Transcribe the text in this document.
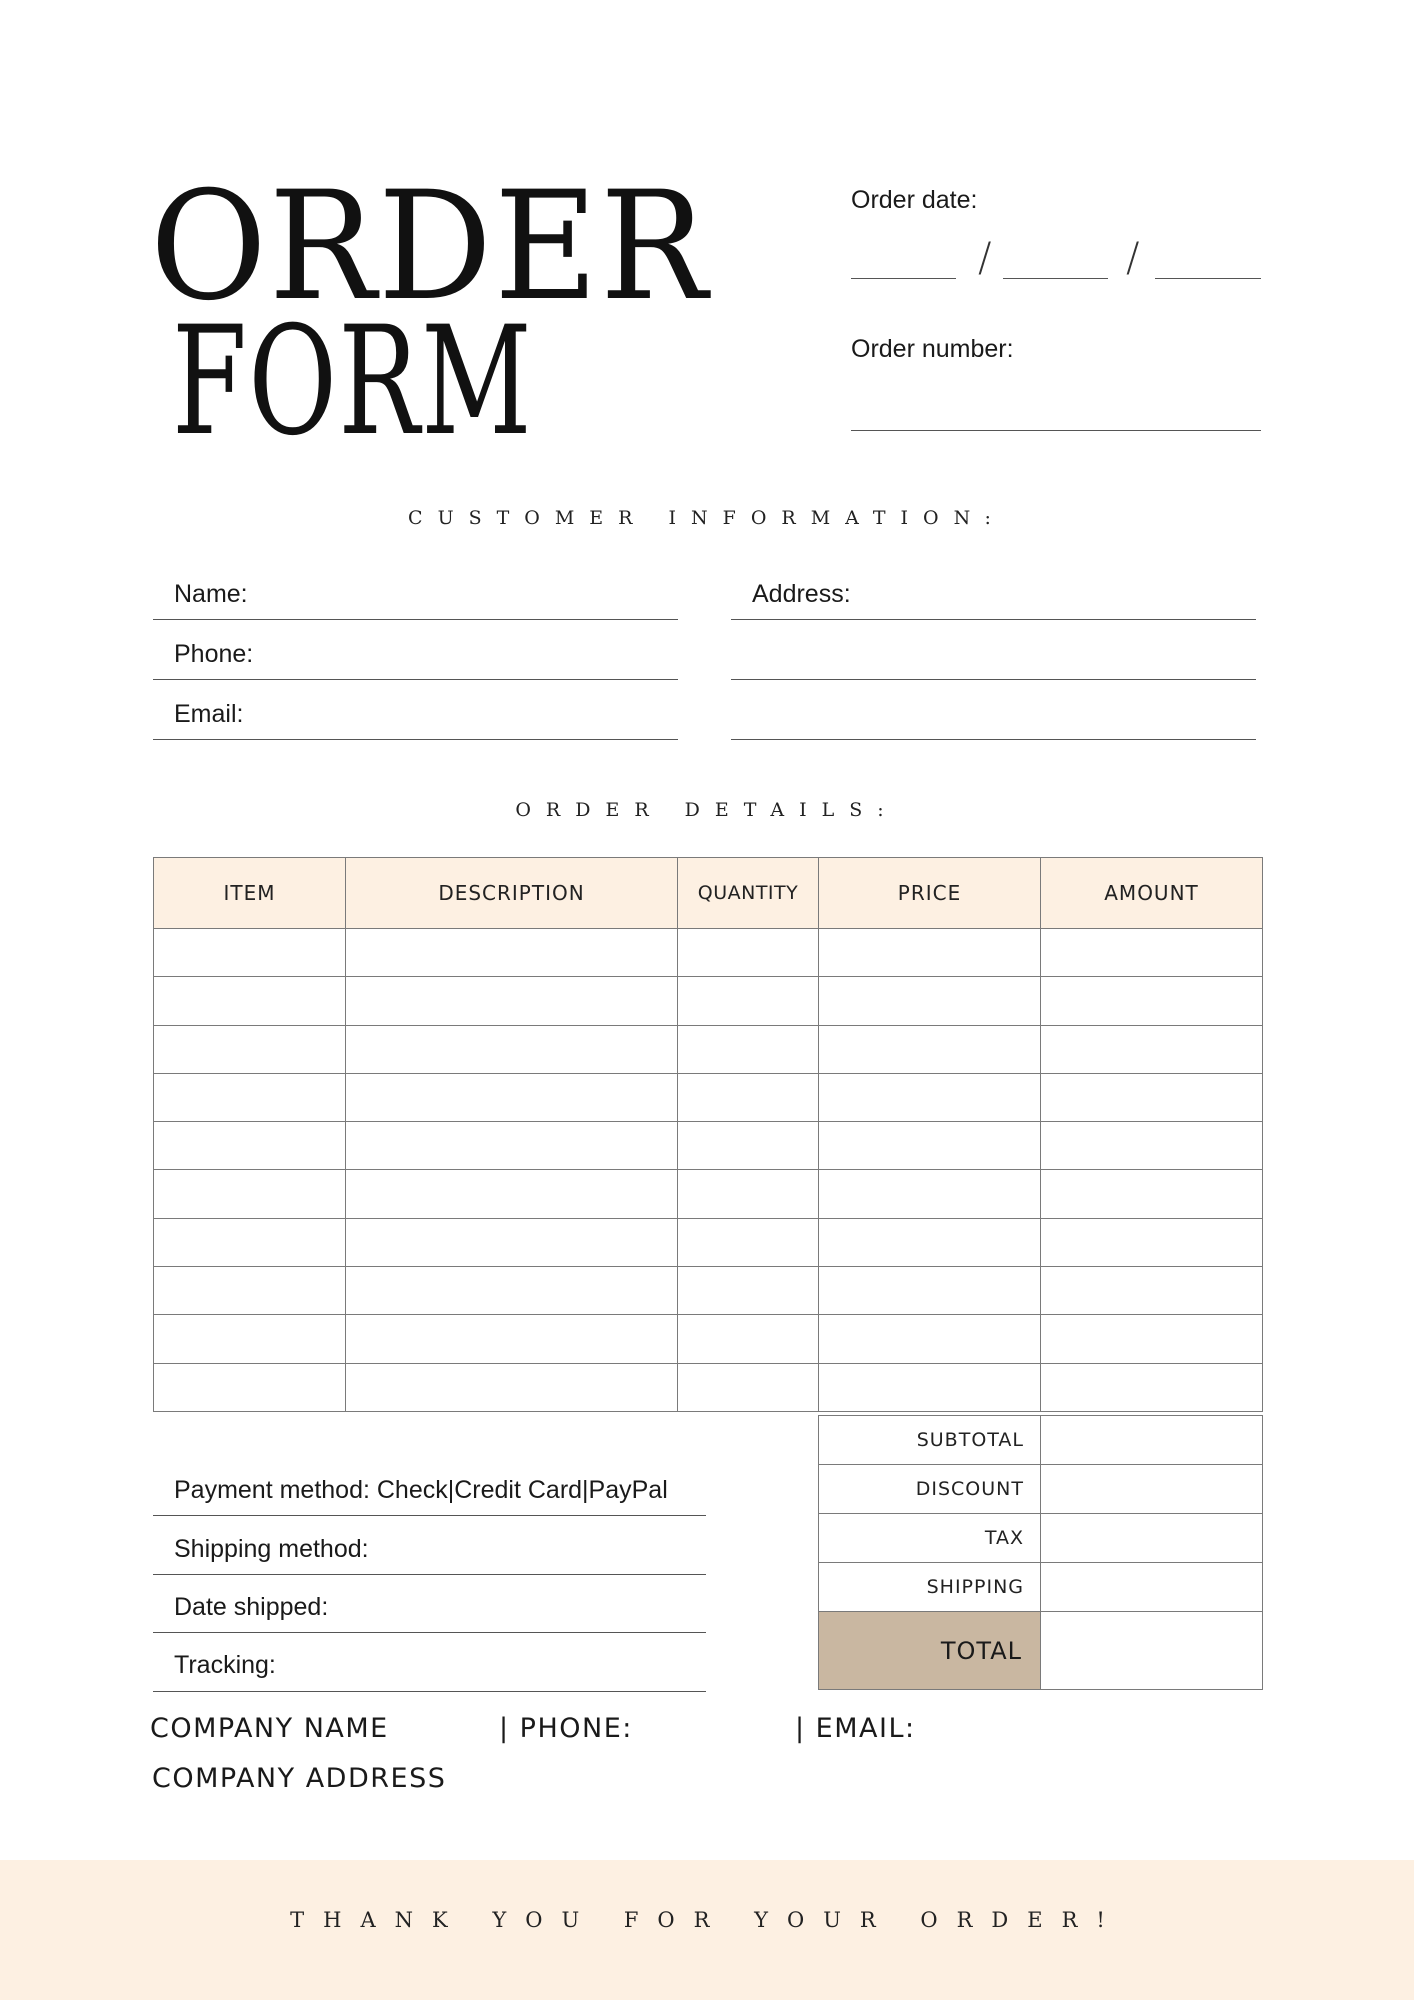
ORDER
FORM
Order date:
/	/
Order number:
CUSTOMER INFORMATION:
Name:
Phone:
Email:
Address:
ORDER DETAILS:
ITEM	DESCRIPTION	QUANTITY	PRICE	AMOUNT

SUBTOTAL	
DISCOUNT	
TAX	
SHIPPING	
TOTAL	
Payment method: Check|Credit Card|PayPal
Shipping method:
Date shipped:
Tracking:
COMPANY NAME	| PHONE:	| EMAIL:
COMPANY ADDRESS
THANK YOU FOR YOUR ORDER!
